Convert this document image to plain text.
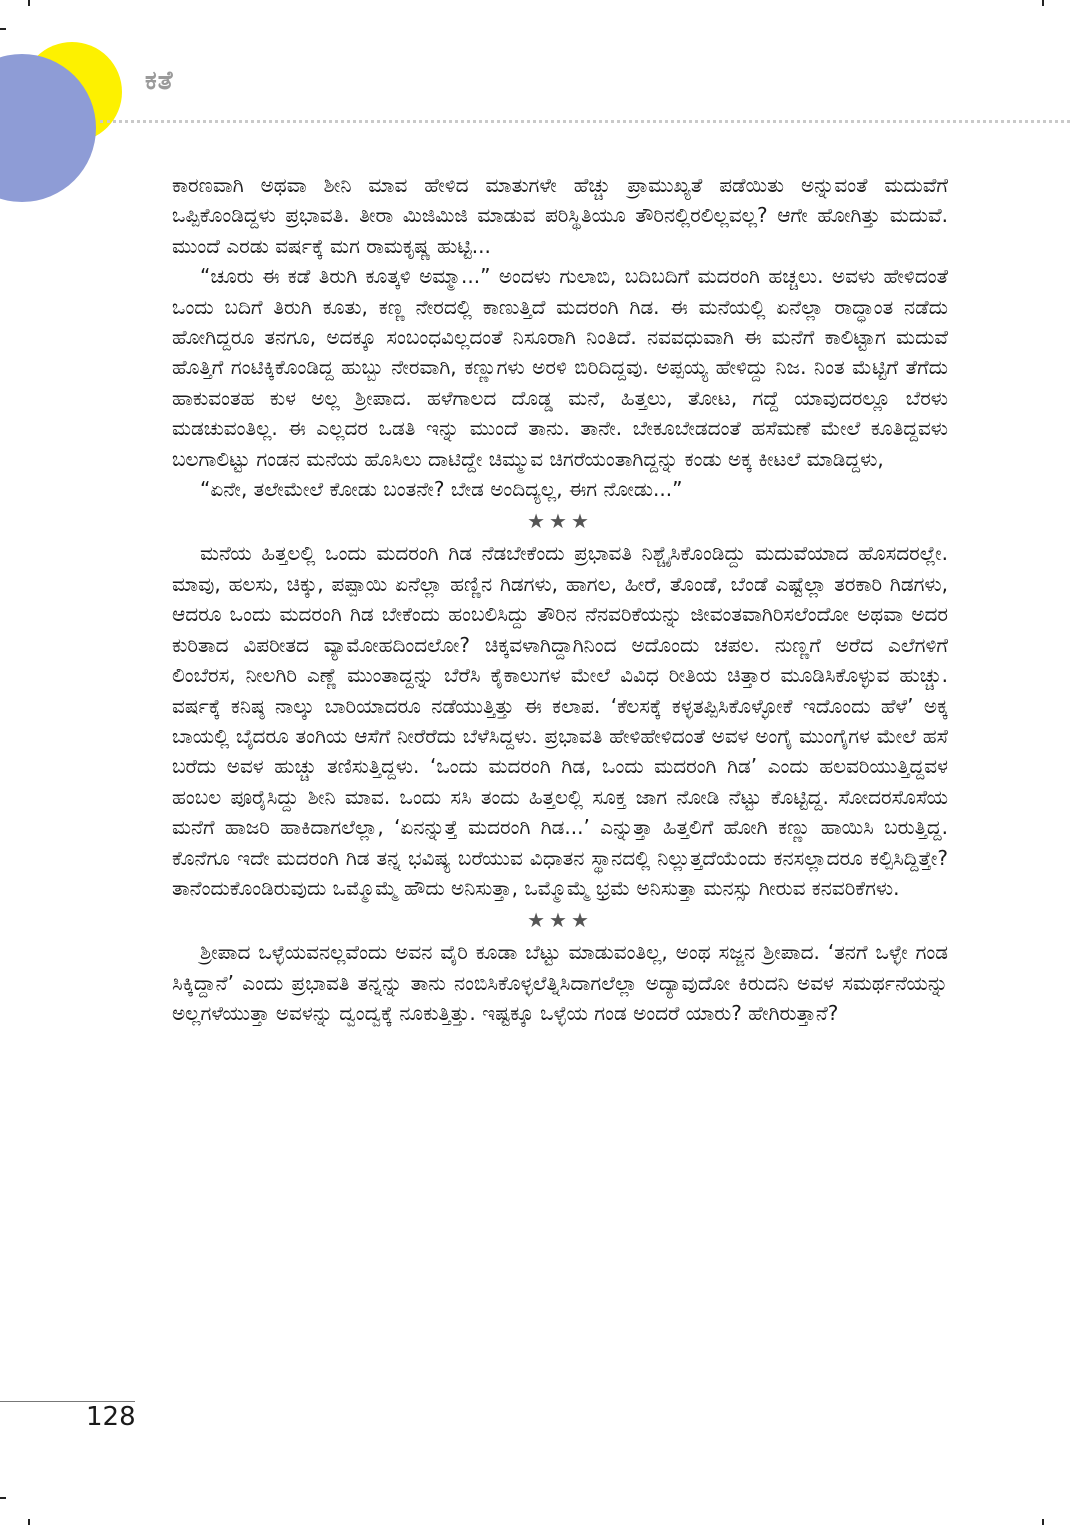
ಕತೆ

ಕಾರಣವಾಗಿ ಅಥವಾ ಶೀನಿ ಮಾವ ಹೇಳಿದ ಮಾತುಗಳೇ ಹೆಚ್ಚು ಪ್ರಾಮುಖ್ಯತೆ ಪಡೆಯಿತು ಅನ್ನುವಂತೆ ಮದುವೆಗೆ ಒಪ್ಪಿಕೊಂಡಿದ್ದಳು ಪ್ರಭಾವತಿ. ತೀರಾ ಮಿಜಿಮಿಜಿ ಮಾಡುವ ಪರಿಸ್ಥಿತಿಯೂ ತೌರಿನಲ್ಲಿರಲಿಲ್ಲವಲ್ಲ? ಆಗೇ ಹೋಗಿತ್ತು ಮದುವೆ. ಮುಂದೆ ಎರಡು ವರ್ಷಕ್ಕೆ ಮಗ ರಾಮಕೃಷ್ಣ ಹುಟ್ಟಿ...

“ಚೂರು ಈ ಕಡೆ ತಿರುಗಿ ಕೂತ್ಕಳಿ ಅಮ್ಮಾ...” ಅಂದಳು ಗುಲಾಬಿ, ಬದಿಬದಿಗೆ ಮದರಂಗಿ ಹಚ್ಚಲು. ಅವಳು ಹೇಳಿದಂತೆ ಒಂದು ಬದಿಗೆ ತಿರುಗಿ ಕೂತು, ಕಣ್ಣ ನೇರದಲ್ಲಿ ಕಾಣುತ್ತಿದೆ ಮದರಂಗಿ ಗಿಡ. ಈ ಮನೆಯಲ್ಲಿ ಏನೆಲ್ಲಾ ರಾದ್ಧಾಂತ ನಡೆದು ಹೋಗಿದ್ದರೂ ತನಗೂ, ಅದಕ್ಕೂ ಸಂಬಂಧವಿಲ್ಲದಂತೆ ನಿಸೂರಾಗಿ ನಿಂತಿದೆ. ನವವಧುವಾಗಿ ಈ ಮನೆಗೆ ಕಾಲಿಟ್ಟಾಗ ಮದುವೆ ಹೊತ್ತಿಗೆ ಗಂಟಿಕ್ಕಿಕೊಂಡಿದ್ದ ಹುಬ್ಬು ನೇರವಾಗಿ, ಕಣ್ಣುಗಳು ಅರಳಿ ಬಿರಿದಿದ್ದವು. ಅಪ್ಪಯ್ಯ ಹೇಳಿದ್ದು ನಿಜ. ನಿಂತ ಮೆಟ್ಟಿಗೆ ತೆಗೆದು ಹಾಕುವಂತಹ ಕುಳ ಅಲ್ಲ ಶ್ರೀಪಾದ. ಹಳೆಗಾಲದ ದೊಡ್ಡ ಮನೆ, ಹಿತ್ತಲು, ತೋಟ, ಗದ್ದೆ ಯಾವುದರಲ್ಲೂ ಬೆರಳು ಮಡಚುವಂತಿಲ್ಲ. ಈ ಎಲ್ಲದರ ಒಡತಿ ಇನ್ನು ಮುಂದೆ ತಾನು. ತಾನೇ. ಬೇಕೂಬೇಡದಂತೆ ಹಸೆಮಣೆ ಮೇಲೆ ಕೂತಿದ್ದವಳು ಬಲಗಾಲಿಟ್ಟು ಗಂಡನ ಮನೆಯ ಹೊಸಿಲು ದಾಟಿದ್ದೇ ಚಿಮ್ಮುವ ಚಿಗರೆಯಂತಾಗಿದ್ದನ್ನು ಕಂಡು ಅಕ್ಕ ಕೀಟಲೆ ಮಾಡಿದ್ದಳು,

“ಏನೇ, ತಲೇಮೇಲೆ ಕೋಡು ಬಂತನೇ? ಬೇಡ ಅಂದಿದ್ಯಲ್ಲ, ಈಗ ನೋಡು...”

★★★

ಮನೆಯ ಹಿತ್ತಲಲ್ಲಿ ಒಂದು ಮದರಂಗಿ ಗಿಡ ನೆಡಬೇಕೆಂದು ಪ್ರಭಾವತಿ ನಿಶ್ಚೈಸಿಕೊಂಡಿದ್ದು ಮದುವೆಯಾದ ಹೊಸದರಲ್ಲೇ. ಮಾವು, ಹಲಸು, ಚಿಕ್ಕು, ಪಪ್ಪಾಯಿ ಏನೆಲ್ಲಾ ಹಣ್ಣಿನ ಗಿಡಗಳು, ಹಾಗಲ, ಹೀರೆ, ತೊಂಡೆ, ಬೆಂಡೆ ಎಷ್ಟೆಲ್ಲಾ ತರಕಾರಿ ಗಿಡಗಳು, ಆದರೂ ಒಂದು ಮದರಂಗಿ ಗಿಡ ಬೇಕೆಂದು ಹಂಬಲಿಸಿದ್ದು ತೌರಿನ ನೆನವರಿಕೆಯನ್ನು ಜೀವಂತವಾಗಿರಿಸಲೆಂದೋ ಅಥವಾ ಅದರ ಕುರಿತಾದ ವಿಪರೀತದ ವ್ಯಾಮೋಹದಿಂದಲೋ? ಚಿಕ್ಕವಳಾಗಿದ್ದಾಗಿನಿಂದ ಅದೊಂದು ಚಪಲ. ನುಣ್ಣಗೆ ಅರೆದ ಎಲೆಗಳಿಗೆ ಲಿಂಬೆರಸ, ನೀಲಗಿರಿ ಎಣ್ಣೆ ಮುಂತಾದ್ದನ್ನು ಬೆರೆಸಿ ಕೈಕಾಲುಗಳ ಮೇಲೆ ವಿವಿಧ ರೀತಿಯ ಚಿತ್ತಾರ ಮೂಡಿಸಿಕೊಳ್ಳುವ ಹುಚ್ಚು. ವರ್ಷಕ್ಕೆ ಕನಿಷ್ಠ ನಾಲ್ಕು ಬಾರಿಯಾದರೂ ನಡೆಯುತ್ತಿತ್ತು ಈ ಕಲಾಪ. ‘ಕೆಲಸಕ್ಕೆ ಕಳ್ಳತಪ್ಪಿಸಿಕೊಳ್ಳೋಕೆ ಇದೊಂದು ಹೆಳೆ’ ಅಕ್ಕ ಬಾಯಲ್ಲಿ ಬೈದರೂ ತಂಗಿಯ ಆಸೆಗೆ ನೀರೆರೆದು ಬೆಳೆಸಿದ್ದಳು. ಪ್ರಭಾವತಿ ಹೇಳಿಹೇಳಿದಂತೆ ಅವಳ ಅಂಗೈ ಮುಂಗೈಗಳ ಮೇಲೆ ಹಸೆ ಬರೆದು ಅವಳ ಹುಚ್ಚು ತಣಿಸುತ್ತಿದ್ದಳು. ‘ಒಂದು ಮದರಂಗಿ ಗಿಡ, ಒಂದು ಮದರಂಗಿ ಗಿಡ’ ಎಂದು ಹಲವರಿಯುತ್ತಿದ್ದವಳ ಹಂಬಲ ಪೂರೈಸಿದ್ದು ಶೀನಿ ಮಾವ. ಒಂದು ಸಸಿ ತಂದು ಹಿತ್ತಲಲ್ಲಿ ಸೂಕ್ತ ಜಾಗ ನೋಡಿ ನೆಟ್ಟು ಕೊಟ್ಟಿದ್ದ. ಸೋದರಸೊಸೆಯ ಮನೆಗೆ ಹಾಜರಿ ಹಾಕಿದಾಗಲೆಲ್ಲಾ, ‘ಏನನ್ನುತ್ತೆ ಮದರಂಗಿ ಗಿಡ...’ ಎನ್ನುತ್ತಾ ಹಿತ್ತಲಿಗೆ ಹೋಗಿ ಕಣ್ಣು ಹಾಯಿಸಿ ಬರುತ್ತಿದ್ದ. ಕೊನೆಗೂ ಇದೇ ಮದರಂಗಿ ಗಿಡ ತನ್ನ ಭವಿಷ್ಯ ಬರೆಯುವ ವಿಧಾತನ ಸ್ಥಾನದಲ್ಲಿ ನಿಲ್ಲುತ್ತದೆಯೆಂದು ಕನಸಲ್ಲಾದರೂ ಕಲ್ಪಿಸಿದ್ದಿತ್ತೇ? ತಾನೆಂದುಕೊಂಡಿರುವುದು ಒಮ್ಮೊಮ್ಮೆ ಹೌದು ಅನಿಸುತ್ತಾ, ಒಮ್ಮೊಮ್ಮೆ ಭ್ರಮೆ ಅನಿಸುತ್ತಾ ಮನಸ್ಸು ಗೀರುವ ಕನವರಿಕೆಗಳು.

★★★

ಶ್ರೀಪಾದ ಒಳ್ಳೆಯವನಲ್ಲವೆಂದು ಅವನ ವೈರಿ ಕೂಡಾ ಬೆಟ್ಟು ಮಾಡುವಂತಿಲ್ಲ, ಅಂಥ ಸಜ್ಜನ ಶ್ರೀಪಾದ. ‘ತನಗೆ ಒಳ್ಳೇ ಗಂಡ ಸಿಕ್ಕಿದ್ದಾನೆ’ ಎಂದು ಪ್ರಭಾವತಿ ತನ್ನನ್ನು ತಾನು ನಂಬಿಸಿಕೊಳ್ಳಲೆತ್ನಿಸಿದಾಗಲೆಲ್ಲಾ ಅದ್ಯಾವುದೋ ಕಿರುದನಿ ಅವಳ ಸಮರ್ಥನೆಯನ್ನು ಅಲ್ಲಗಳೆಯುತ್ತಾ ಅವಳನ್ನು ದ್ವಂದ್ವಕ್ಕೆ ನೂಕುತ್ತಿತ್ತು. ಇಷ್ಟಕ್ಕೂ ಒಳ್ಳೆಯ ಗಂಡ ಅಂದರೆ ಯಾರು? ಹೇಗಿರುತ್ತಾನೆ?

128
